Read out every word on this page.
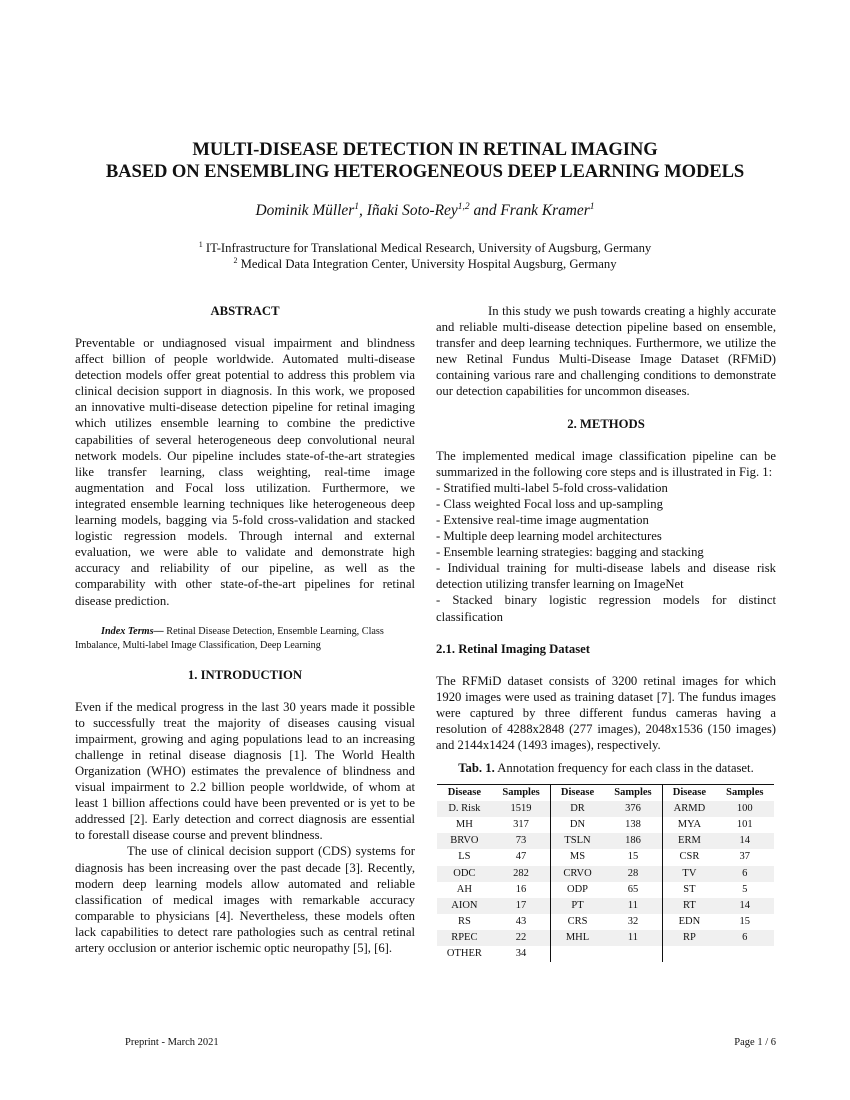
MULTI-DISEASE DETECTION IN RETINAL IMAGING
BASED ON ENSEMBLING HETEROGENEOUS DEEP LEARNING MODELS
Dominik Müller$^1$, Iñaki Soto-Rey$^{1,2}$ and Frank Kramer$^1$
$^1$ IT-Infrastructure for Translational Medical Research, University of Augsburg, Germany
$^2$ Medical Data Integration Center, University Hospital Augsburg, Germany
ABSTRACT

Preventable or undiagnosed visual impairment and blindness affect billion of people worldwide. Automated multi-disease detection models offer great potential to address this problem via clinical decision support in diagnosis. In this work, we proposed an innovative multi-disease detection pipeline for retinal imaging which utilizes ensemble learning to combine the predictive capabilities of several heterogeneous deep convolutional neural network models. Our pipeline includes state-of-the-art strategies like transfer learning, class weighting, real-time image augmentation and Focal loss utilization. Furthermore, we integrated ensemble learning techniques like heterogeneous deep learning models, bagging via 5-fold cross-validation and stacked logistic regression models. Through internal and external evaluation, we were able to validate and demonstrate high accuracy and reliability of our pipeline, as well as the comparability with other state-of-the-art pipelines for retinal disease prediction.

Index Terms— Retinal Disease Detection, Ensemble Learning, Class Imbalance, Multi-label Image Classification, Deep Learning

1. INTRODUCTION

Even if the medical progress in the last 30 years made it possible to successfully treat the majority of diseases causing visual impairment, growing and aging populations lead to an increasing challenge in retinal disease diagnosis [1]. The World Health Organization (WHO) estimates the prevalence of blindness and visual impairment to 2.2 billion people worldwide, of whom at least 1 billion affections could have been prevented or is yet to be addressed [2]. Early detection and correct diagnosis are essential to forestall disease course and prevent blindness.

The use of clinical decision support (CDS) systems for diagnosis has been increasing over the past decade [3]. Recently, modern deep learning models allow automated and reliable classification of medical images with remarkable accuracy comparable to physicians [4]. Nevertheless, these models often lack capabilities to detect rare pathologies such as central retinal artery occlusion or anterior ischemic optic neuropathy [5], [6].

In this study we push towards creating a highly accurate and reliable multi-disease detection pipeline based on ensemble, transfer and deep learning techniques. Furthermore, we utilize the new Retinal Fundus Multi-Disease Image Dataset (RFMiD) containing various rare and challenging conditions to demonstrate our detection capabilities for uncommon diseases.

2. METHODS

The implemented medical image classification pipeline can be summarized in the following core steps and is illustrated in Fig. 1:

- Stratified multi-label 5-fold cross-validation
- Class weighted Focal loss and up-sampling
- Extensive real-time image augmentation
- Multiple deep learning model architectures
- Ensemble learning strategies: bagging and stacking
- Individual training for multi-disease labels and disease risk detection utilizing transfer learning on ImageNet
- Stacked binary logistic regression models for distinct classification
2.1. Retinal Imaging Dataset

The RFMiD dataset consists of 3200 retinal images for which 1920 images were used as training dataset [7]. The fundus images were captured by three different fundus cameras having a resolution of 4288x2848 (277 images), 2048x1536 (150 images) and 2144x1424 (1493 images), respectively.

Tab. 1. Annotation frequency for each class in the dataset.
Disease	Samples	Disease	Samples	Disease	Samples
D. Risk	1519	DR	376	ARMD	100
MH	317	DN	138	MYA	101
BRVO	73	TSLN	186	ERM	14
LS	47	MS	15	CSR	37
ODC	282	CRVO	28	TV	6
AH	16	ODP	65	ST	5
AION	17	PT	11	RT	14
RS	43	CRS	32	EDN	15
RPEC	22	MHL	11	RP	6
OTHER	34				
Preprint - March 2021	Page 1 / 6
